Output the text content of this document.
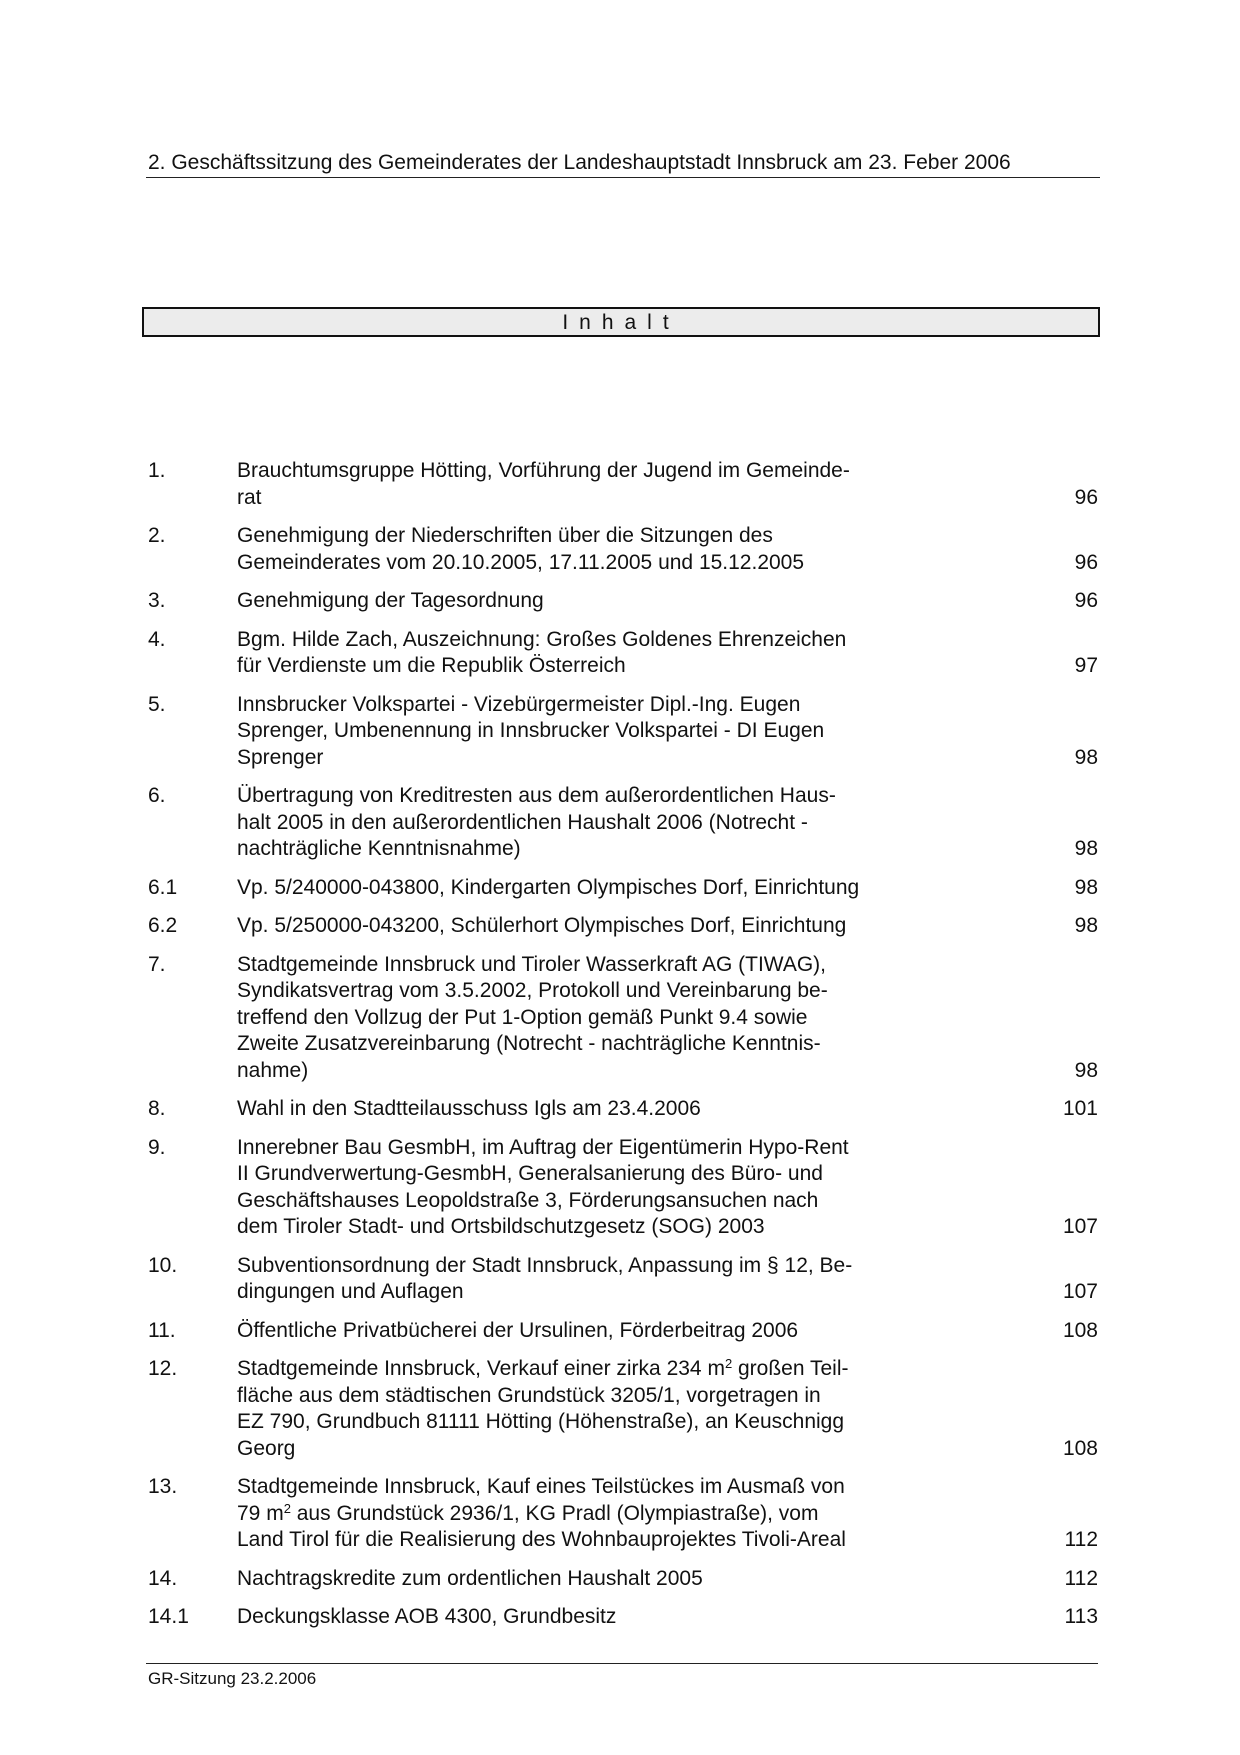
2. Geschäftssitzung des Gemeinderates der Landeshauptstadt Innsbruck am 23. Feber 2006
Inhalt
1.	Brauchtumsgruppe Hötting, Vorführung der Jugend im Gemeinde-
rat	96
2.	Genehmigung der Niederschriften über die Sitzungen des
Gemeinderates vom 20.10.2005, 17.11.2005 und 15.12.2005	96
3.	Genehmigung der Tagesordnung	96
4.	Bgm. Hilde Zach, Auszeichnung: Großes Goldenes Ehrenzeichen
für Verdienste um die Republik Österreich	97
5.	Innsbrucker Volkspartei - Vizebürgermeister Dipl.-Ing. Eugen
Sprenger, Umbenennung in Innsbrucker Volkspartei - DI Eugen
Sprenger	98
6.	Übertragung von Kreditresten aus dem außerordentlichen Haus-
halt 2005 in den außerordentlichen Haushalt 2006 (Notrecht -
nachträgliche Kenntnisnahme)	98
6.1	Vp. 5/240000-043800, Kindergarten Olympisches Dorf, Einrichtung	98
6.2	Vp. 5/250000-043200, Schülerhort Olympisches Dorf, Einrichtung	98
7.	Stadtgemeinde Innsbruck und Tiroler Wasserkraft AG (TIWAG),
Syndikatsvertrag vom 3.5.2002, Protokoll und Vereinbarung be-
treffend den Vollzug der Put 1-Option gemäß Punkt 9.4 sowie
Zweite Zusatzvereinbarung (Notrecht - nachträgliche Kenntnis-
nahme)	98
8.	Wahl in den Stadtteilausschuss Igls am 23.4.2006	101
9.	Innerebner Bau GesmbH, im Auftrag der Eigentümerin Hypo-Rent
II Grundverwertung-GesmbH, Generalsanierung des Büro- und
Geschäftshauses Leopoldstraße 3, Förderungsansuchen nach
dem Tiroler Stadt- und Ortsbildschutzgesetz (SOG) 2003	107
10.	Subventionsordnung der Stadt Innsbruck, Anpassung im § 12, Be-
dingungen und Auflagen	107
11.	Öffentliche Privatbücherei der Ursulinen, Förderbeitrag 2006	108
12.	Stadtgemeinde Innsbruck, Verkauf einer zirka 234 $m^2$ großen Teil-
fläche aus dem städtischen Grundstück 3205/1, vorgetragen in
EZ 790, Grundbuch 81111 Hötting (Höhenstraße), an Keuschnigg
Georg	108
13.	Stadtgemeinde Innsbruck, Kauf eines Teilstückes im Ausmaß von
79 $m^2$ aus Grundstück 2936/1, KG Pradl (Olympiastraße), vom
Land Tirol für die Realisierung des Wohnbauprojektes Tivoli-Areal	112
14.	Nachtragskredite zum ordentlichen Haushalt 2005	112
14.1 Deckungsklasse AOB 4300, Grundbesitz	113
GR-Sitzung 23.2.2006
